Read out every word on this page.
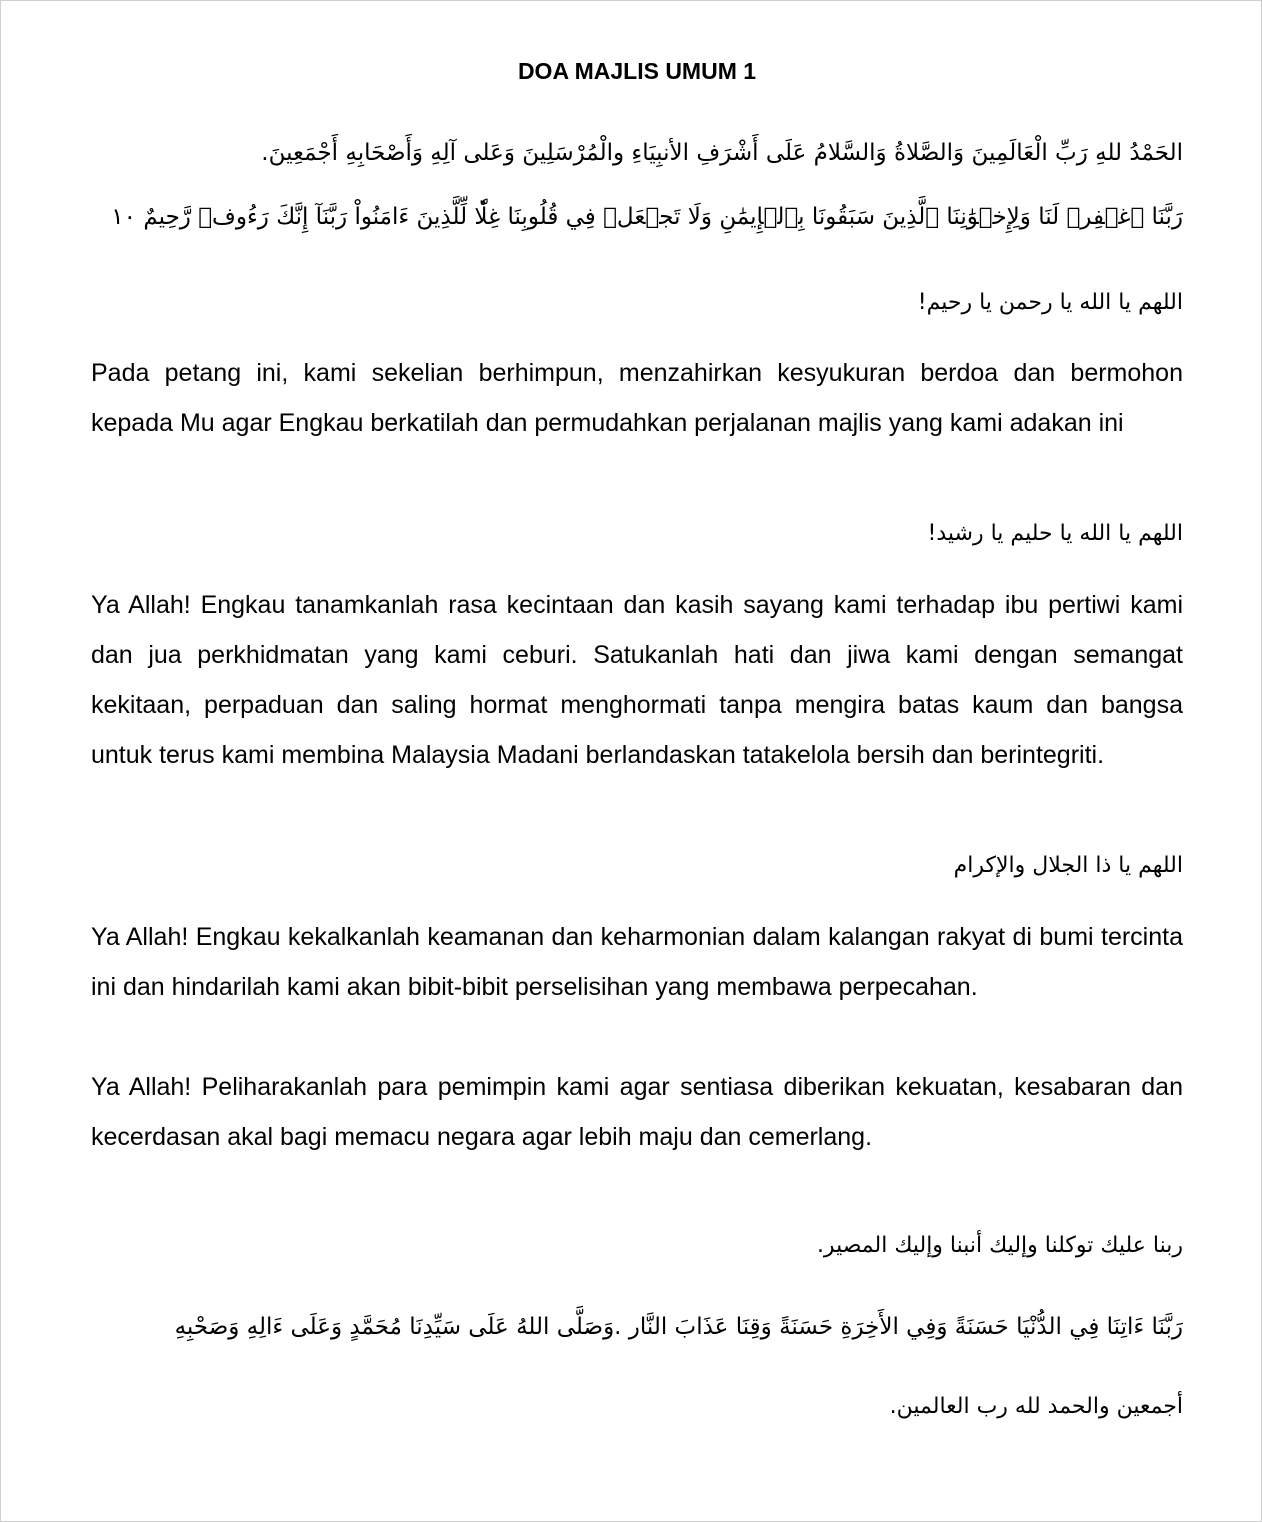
DOA MAJLIS UMUM 1

الحَمْدُ للهِ رَبِّ الْعَالَمِينَ وَالصَّلاةُ وَالسَّلامُ عَلَى أَشْرَفِ الأنبِيَاءِ والْمُرْسَلِينَ وَعَلى آلِهِ وَأَصْحَابِهِ أَجْمَعِينَ.

رَبَّنَا ٱغۡفِرۡ لَنَا وَلِإِخۡوَٰنِنَا ٱلَّذِينَ سَبَقُونَا بِٱلۡإِيمَٰنِ وَلَا تَجۡعَلۡ فِي قُلُوبِنَا غِلّٗا لِّلَّذِينَ ءَامَنُواْ رَبَّنَآ إِنَّكَ رَءُوفٞ رَّحِيمٌ ١٠

اللهم يا الله يا رحمن يا رحيم!

Pada petang ini, kami sekelian berhimpun, menzahirkan kesyukuran berdoa dan bermohon kepada Mu agar Engkau berkatilah dan permudahkan perjalanan majlis yang kami adakan ini

اللهم يا الله يا حليم يا رشيد!

Ya Allah! Engkau tanamkanlah rasa kecintaan dan kasih sayang kami terhadap ibu pertiwi kami dan jua perkhidmatan yang kami ceburi. Satukanlah hati dan jiwa kami dengan semangat kekitaan, perpaduan dan saling hormat menghormati tanpa mengira batas kaum dan bangsa untuk terus kami membina Malaysia Madani berlandaskan tatakelola bersih dan berintegriti.

اللهم يا ذا الجلال والإكرام

Ya Allah! Engkau kekalkanlah keamanan dan keharmonian dalam kalangan rakyat di bumi tercinta ini dan hindarilah kami akan bibit-bibit perselisihan yang membawa perpecahan.

Ya Allah! Peliharakanlah para pemimpin kami agar sentiasa diberikan kekuatan, kesabaran dan kecerdasan akal bagi memacu negara agar lebih maju dan cemerlang.

ربنا عليك توكلنا وإليك أنبنا وإليك المصير.

رَبَّنَا ءَاتِنَا فِي الدُّنْيَا حَسَنَةً وَفِي الأَخِرَةِ حَسَنَةً وَقِنَا عَذَابَ النَّار .وَصَلَّى اللهُ عَلَى سَيِّدِنَا مُحَمَّدٍ وَعَلَى ءَالِهِ وَصَحْبِهِ

أجمعين والحمد لله رب العالمين.
